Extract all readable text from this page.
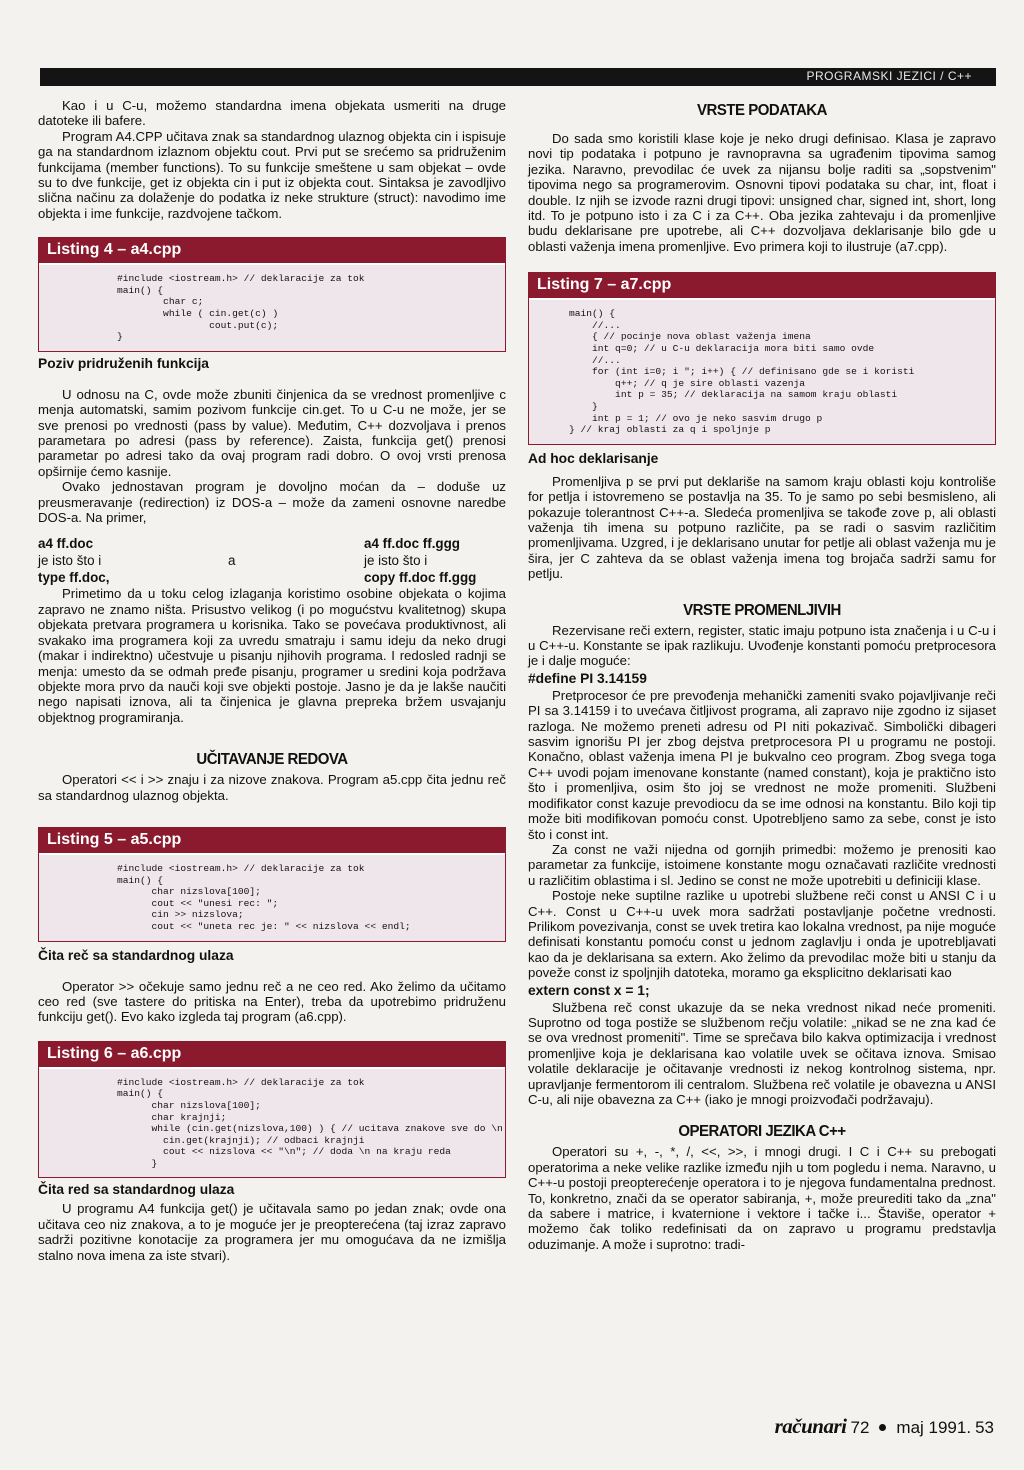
PROGRAMSKI JEZICI / C++

Kao i u C-u, možemo standardna imena objekata usmeriti na druge datoteke ili bafere.

Program A4.CPP učitava znak sa standardnog ulaznog objekta cin i ispisuje ga na standardnom izlaznom objektu cout. Prvi put se srećemo sa pridruženim funkcijama (member functions). To su funkcije smeštene u sam objekat – ovde su to dve funkcije, get iz objekta cin i put iz objekta cout. Sintaksa je zavodljivo slična načinu za dolaženje do podatka iz neke strukture (struct): navodimo ime objekta i ime funkcije, razdvojene tačkom.

Listing 4 – a4.cpp
#include <iostream.h> // deklaracije za tok
main() {
char c;
while ( cin.get(c) )
cout.put(c);
}
Poziv pridruženih funkcija

U odnosu na C, ovde može zbuniti činjenica da se vrednost promenljive c menja automatski, samim pozivom funkcije cin.get. To u C-u ne može, jer se sve prenosi po vrednosti (pass by value). Međutim, C++ dozvoljava i prenos parametara po adresi (pass by reference). Zaista, funkcija get() prenosi parametar po adresi tako da ovaj program radi dobro. O ovoj vrsti prenosa opširnije ćemo kasnije.

Ovako jednostavan program je dovoljno moćan da – doduše uz preusmeravanje (redirection) iz DOS-a – može da zameni osnovne naredbe DOS-a. Na primer,

a4 ff.doc	a4 ff.doc ff.ggg
je isto što i	a	je isto što i
type ff.doc,	copy ff.doc ff.ggg

Primetimo da u toku celog izlaganja koristimo osobine objekata o kojima zapravo ne znamo ništa. Prisustvo velikog (i po mogućstvu kvalitetnog) skupa objekata pretvara programera u korisnika. Tako se povećava produktivnost, ali svakako ima programera koji za uvredu smatraju i samu ideju da neko drugi (makar i indirektno) učestvuje u pisanju njihovih programa. I redosled radnji se menja: umesto da se odmah pređe pisanju, programer u sredini koja podržava objekte mora prvo da nauči koji sve objekti postoje. Jasno je da je lakše naučiti nego napisati iznova, ali ta činjenica je glavna prepreka bržem usvajanju objektnog programiranja.

UČITAVANJE REDOVA

Operatori << i >> znaju i za nizove znakova. Program a5.cpp čita jednu reč sa standardnog ulaznog objekta.

Listing 5 – a5.cpp
#include <iostream.h> // deklaracije za tok
main() {
char nizslova[100];
cout << "unesi rec: ";
cin >> nizslova;
cout << "uneta rec je: " << nizslova << endl;
Čita reč sa standardnog ulaza

Operator >> očekuje samo jednu reč a ne ceo red. Ako želimo da učitamo ceo red (sve tastere do pritiska na Enter), treba da upotrebimo pridruženu funkciju get(). Evo kako izgleda taj program (a6.cpp).

Listing 6 – a6.cpp
#include <iostream.h> // deklaracije za tok
main() {
char nizslova[100];
char krajnji;
while (cin.get(nizslova,100) ) { // ucitava znakove sve do \n
cin.get(krajnji); // odbaci krajnji
cout << nizslova << "\n"; // doda \n na kraju reda
}
Čita red sa standardnog ulaza

U programu A4 funkcija get() je učitavala samo po jedan znak; ovde ona učitava ceo niz znakova, a to je moguće jer je preopterećena (taj izraz zapravo sadrži pozitivne konotacije za programera jer mu omogućava da ne izmišlja stalno nova imena za iste stvari).

VRSTE PODATAKA

Do sada smo koristili klase koje je neko drugi definisao. Klasa je zapravo novi tip podataka i potpuno je ravnopravna sa ugrađenim tipovima samog jezika. Naravno, prevodilac će uvek za nijansu bolje raditi sa „sopstvenim" tipovima nego sa programerovim. Osnovni tipovi podataka su char, int, float i double. Iz njih se izvode razni drugi tipovi: unsigned char, signed int, short, long itd. To je potpuno isto i za C i za C++. Oba jezika zahtevaju i da promenljive budu deklarisane pre upotrebe, ali C++ dozvoljava deklarisanje bilo gde u oblasti važenja imena promenljive. Evo primera koji to ilustruje (a7.cpp).

Listing 7 – a7.cpp
main() {
//...
{ // pocinje nova oblast važenja imena
int q=0; // u C-u deklaracija mora biti samo ovde
//...
for (int i=0; i "; i++) { // definisano gde se i koristi
q++; // q je sire oblasti vazenja
int p = 35; // deklaracija na samom kraju oblasti
}
int p = 1; // ovo je neko sasvim drugo p
} // kraj oblasti za q i spoljnje p
Ad hoc deklarisanje

Promenljiva p se prvi put deklariše na samom kraju oblasti koju kontroliše for petlja i istovremeno se postavlja na 35. To je samo po sebi besmisleno, ali pokazuje tolerantnost C++-a. Sledeća promenljiva se takođe zove p, ali oblasti važenja tih imena su potpuno različite, pa se radi o sasvim različitim promenljivama. Uzgred, i je deklarisano unutar for petlje ali oblast važenja mu je šira, jer C zahteva da se oblast važenja imena tog brojača sadrži samu for petlju.

VRSTE PROMENLJIVIH

Rezervisane reči extern, register, static imaju potpuno ista značenja i u C-u i u C++-u. Konstante se ipak razlikuju. Uvođenje konstanti pomoću pretprocesora je i dalje moguće:

#define PI 3.14159

Pretprocesor će pre prevođenja mehanički zameniti svako pojavljivanje reči PI sa 3.14159 i to uvećava čitljivost programa, ali zapravo nije zgodno iz sijaset razloga. Ne možemo preneti adresu od PI niti pokazivač. Simbolički dibageri sasvim ignorišu PI jer zbog dejstva pretprocesora PI u programu ne postoji. Konačno, oblast važenja imena PI je bukvalno ceo program. Zbog svega toga C++ uvodi pojam imenovane konstante (named constant), koja je praktično isto što i promenljiva, osim što joj se vrednost ne može promeniti. Službeni modifikator const kazuje prevodiocu da se ime odnosi na konstantu. Bilo koji tip može biti modifikovan pomoću const. Upotrebljeno samo za sebe, const je isto što i const int.

Za const ne važi nijedna od gornjih primedbi: možemo je prenositi kao parametar za funkcije, istoimene konstante mogu označavati različite vrednosti u različitim oblastima i sl. Jedino se const ne može upotrebiti u definiciji klase.

Postoje neke suptilne razlike u upotrebi službene reči const u ANSI C i u C++. Const u C++-u uvek mora sadržati postavljanje početne vrednosti. Prilikom povezivanja, const se uvek tretira kao lokalna vrednost, pa nije moguće definisati konstantu pomoću const u jednom zaglavlju i onda je upotrebljavati kao da je deklarisana sa extern. Ako želimo da prevodilac može biti u stanju da poveže const iz spoljnjih datoteka, moramo ga eksplicitno deklarisati kao

extern const x = 1;

Službena reč const ukazuje da se neka vrednost nikad neće promeniti. Suprotno od toga postiže se službenom rečju volatile: „nikad se ne zna kad će se ova vrednost promeniti". Time se sprečava bilo kakva optimizacija i vrednost promenljive koja je deklarisana kao volatile uvek se očitava iznova. Smisao volatile deklaracije je očitavanje vrednosti iz nekog kontrolnog sistema, npr. upravljanje fermentorom ili centralom. Službena reč volatile je obavezna u ANSI C-u, ali nije obavezna za C++ (iako je mnogi proizvođači podržavaju).

OPERATORI JEZIKA C++

Operatori su +, -, *, /, <<, >>, i mnogi drugi. I C i C++ su prebogati operatorima a neke velike razlike između njih u tom pogledu i nema. Naravno, u C++-u postoji preopterećenje operatora i to je njegova fundamentalna prednost. To, konkretno, znači da se operator sabiranja, +, može preurediti tako da „zna" da sabere i matrice, i kvaternione i vektore i tačke i... Štaviše, operator + možemo čak toliko redefinisati da on zapravo u programu predstavlja oduzimanje. A može i suprotno: tradi-

računari 72 maj 1991. 53
